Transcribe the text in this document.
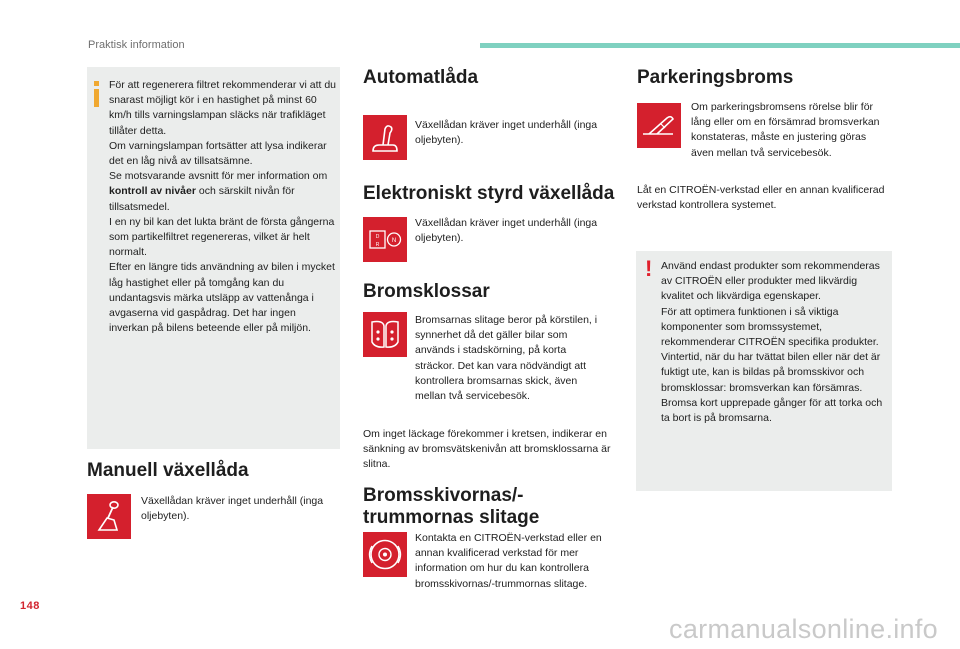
Praktisk information

För att regenerera filtret rekommenderar vi att du snarast möjligt kör i en hastighet på minst 60 km/h tills varningslampan släcks när trafikläget tillåter detta.

Om varningslampan fortsätter att lysa indikerar det en låg nivå av tillsatsämne.

Se motsvarande avsnitt för mer information om kontroll av nivåer och särskilt nivån för tillsatsmedel.

I en ny bil kan det lukta bränt de första gångerna som partikelfiltret regenereras, vilket är helt normalt.

Efter en längre tids användning av bilen i mycket låg hastighet eller på tomgång kan du undantagsvis märka utsläpp av vattenånga i avgaserna vid gaspådrag. Det har ingen inverkan på bilens beteende eller på miljön.

Manuell växellåda

Växellådan kräver inget underhåll (inga oljebyten).

Automatlåda

Växellådan kräver inget underhåll (inga oljebyten).

Elektroniskt styrd växellåda
D
R
N

Växellådan kräver inget underhåll (inga oljebyten).

Bromsklossar

Bromsarnas slitage beror på körstilen, i synnerhet då det gäller bilar som används i stadskörning, på korta sträckor. Det kan vara nödvändigt att kontrollera bromsarnas skick, även mellan två servicebesök.

Om inget läckage förekommer i kretsen, indikerar en sänkning av bromsvätskenivån att bromsklossarna är slitna.

Bromsskivornas/-
trummornas slitage

Kontakta en CITROËN-verkstad eller en annan kvalificerad verkstad för mer information om hur du kan kontrollera bromsskivornas/-trummornas slitage.

Parkeringsbroms

Om parkeringsbromsens rörelse blir för lång eller om en försämrad bromsverkan konstateras, måste en justering göras även mellan två servicebesök.

Låt en CITROËN-verkstad eller en annan kvalificerad verkstad kontrollera systemet.

! Använd endast produkter som rekommenderas av CITROËN eller produkter med likvärdig kvalitet och likvärdiga egenskaper.

För att optimera funktionen i så viktiga komponenter som bromssystemet, rekommenderar CITROËN specifika produkter.

Vintertid, när du har tvättat bilen eller när det är fuktigt ute, kan is bildas på bromsskivor och bromsklossar: bromsverkan kan försämras. Bromsa kort upprepade gånger för att torka och ta bort is på bromsarna.

148
carmanualsonline.info
